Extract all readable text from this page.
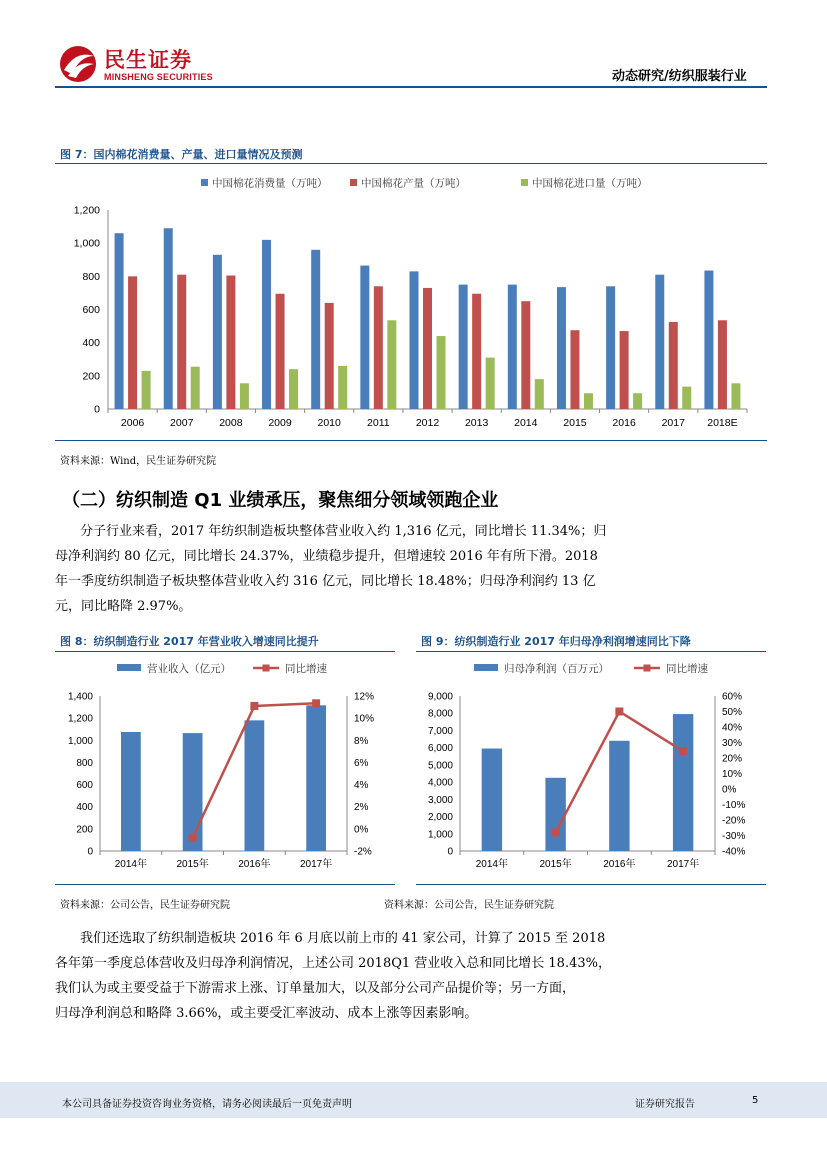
民生证券
MINSHENG SECURITIES	动态研究/纺织服装行业
图 7：国内棉花消费量、产量、进口量情况及预测
中国棉花消费量（万吨）	中国棉花产量（万吨）	中国棉花进口量（万吨）
0
200
400
600
800
1,000
1,200
2006 2007 2008 2009 2010 2011 2012 2013 2014 2015 2016 2017 2018E
资料来源：Wind，民生证券研究院
（二）纺织制造 Q1 业绩承压，聚焦细分领域领跑企业
分子行业来看，2017 年纺织制造板块整体营业收入约 1,316 亿元，同比增长 11.34%；归
母净利润约 80 亿元，同比增长 24.37%，业绩稳步提升，但增速较 2016 年有所下滑。2018
年一季度纺织制造子板块整体营业收入约 316 亿元，同比增长 18.48%；归母净利润约 13 亿
元，同比略降 2.97%。
图 8：纺织制造行业 2017 年营业收入增速同比提升	图 9：纺织制造行业 2017 年归母净利润增速同比下降
营业收入（亿元）	同比增速
0
200
400
600
800
1,000
1,200
1,400
-2%
0%
2%
4%
6%
8%
10%
12%
2014年	2015年	2016年	2017年
归母净利润（百万元）	同比增速
0
1,000
2,000
3,000
4,000
5,000
6,000
7,000
8,000
9,000
-40%
-30%
-20%
-10%
0%
10%
20%
30%
40%
50%
60%
2014年	2015年	2016年	2017年
资料来源：公司公告，民生证券研究院	资料来源：公司公告，民生证券研究院
我们还选取了纺织制造板块 2016 年 6 月底以前上市的 41 家公司，计算了 2015 至 2018
各年第一季度总体营收及归母净利润情况，上述公司 2018Q1 营业收入总和同比增长 18.43%，
我们认为或主要受益于下游需求上涨、订单量加大，以及部分公司产品提价等；另一方面，
归母净利润总和略降 3.66%，或主要受汇率波动、成本上涨等因素影响。
本公司具备证券投资咨询业务资格，请务必阅读最后一页免责声明	证券研究报告	5
